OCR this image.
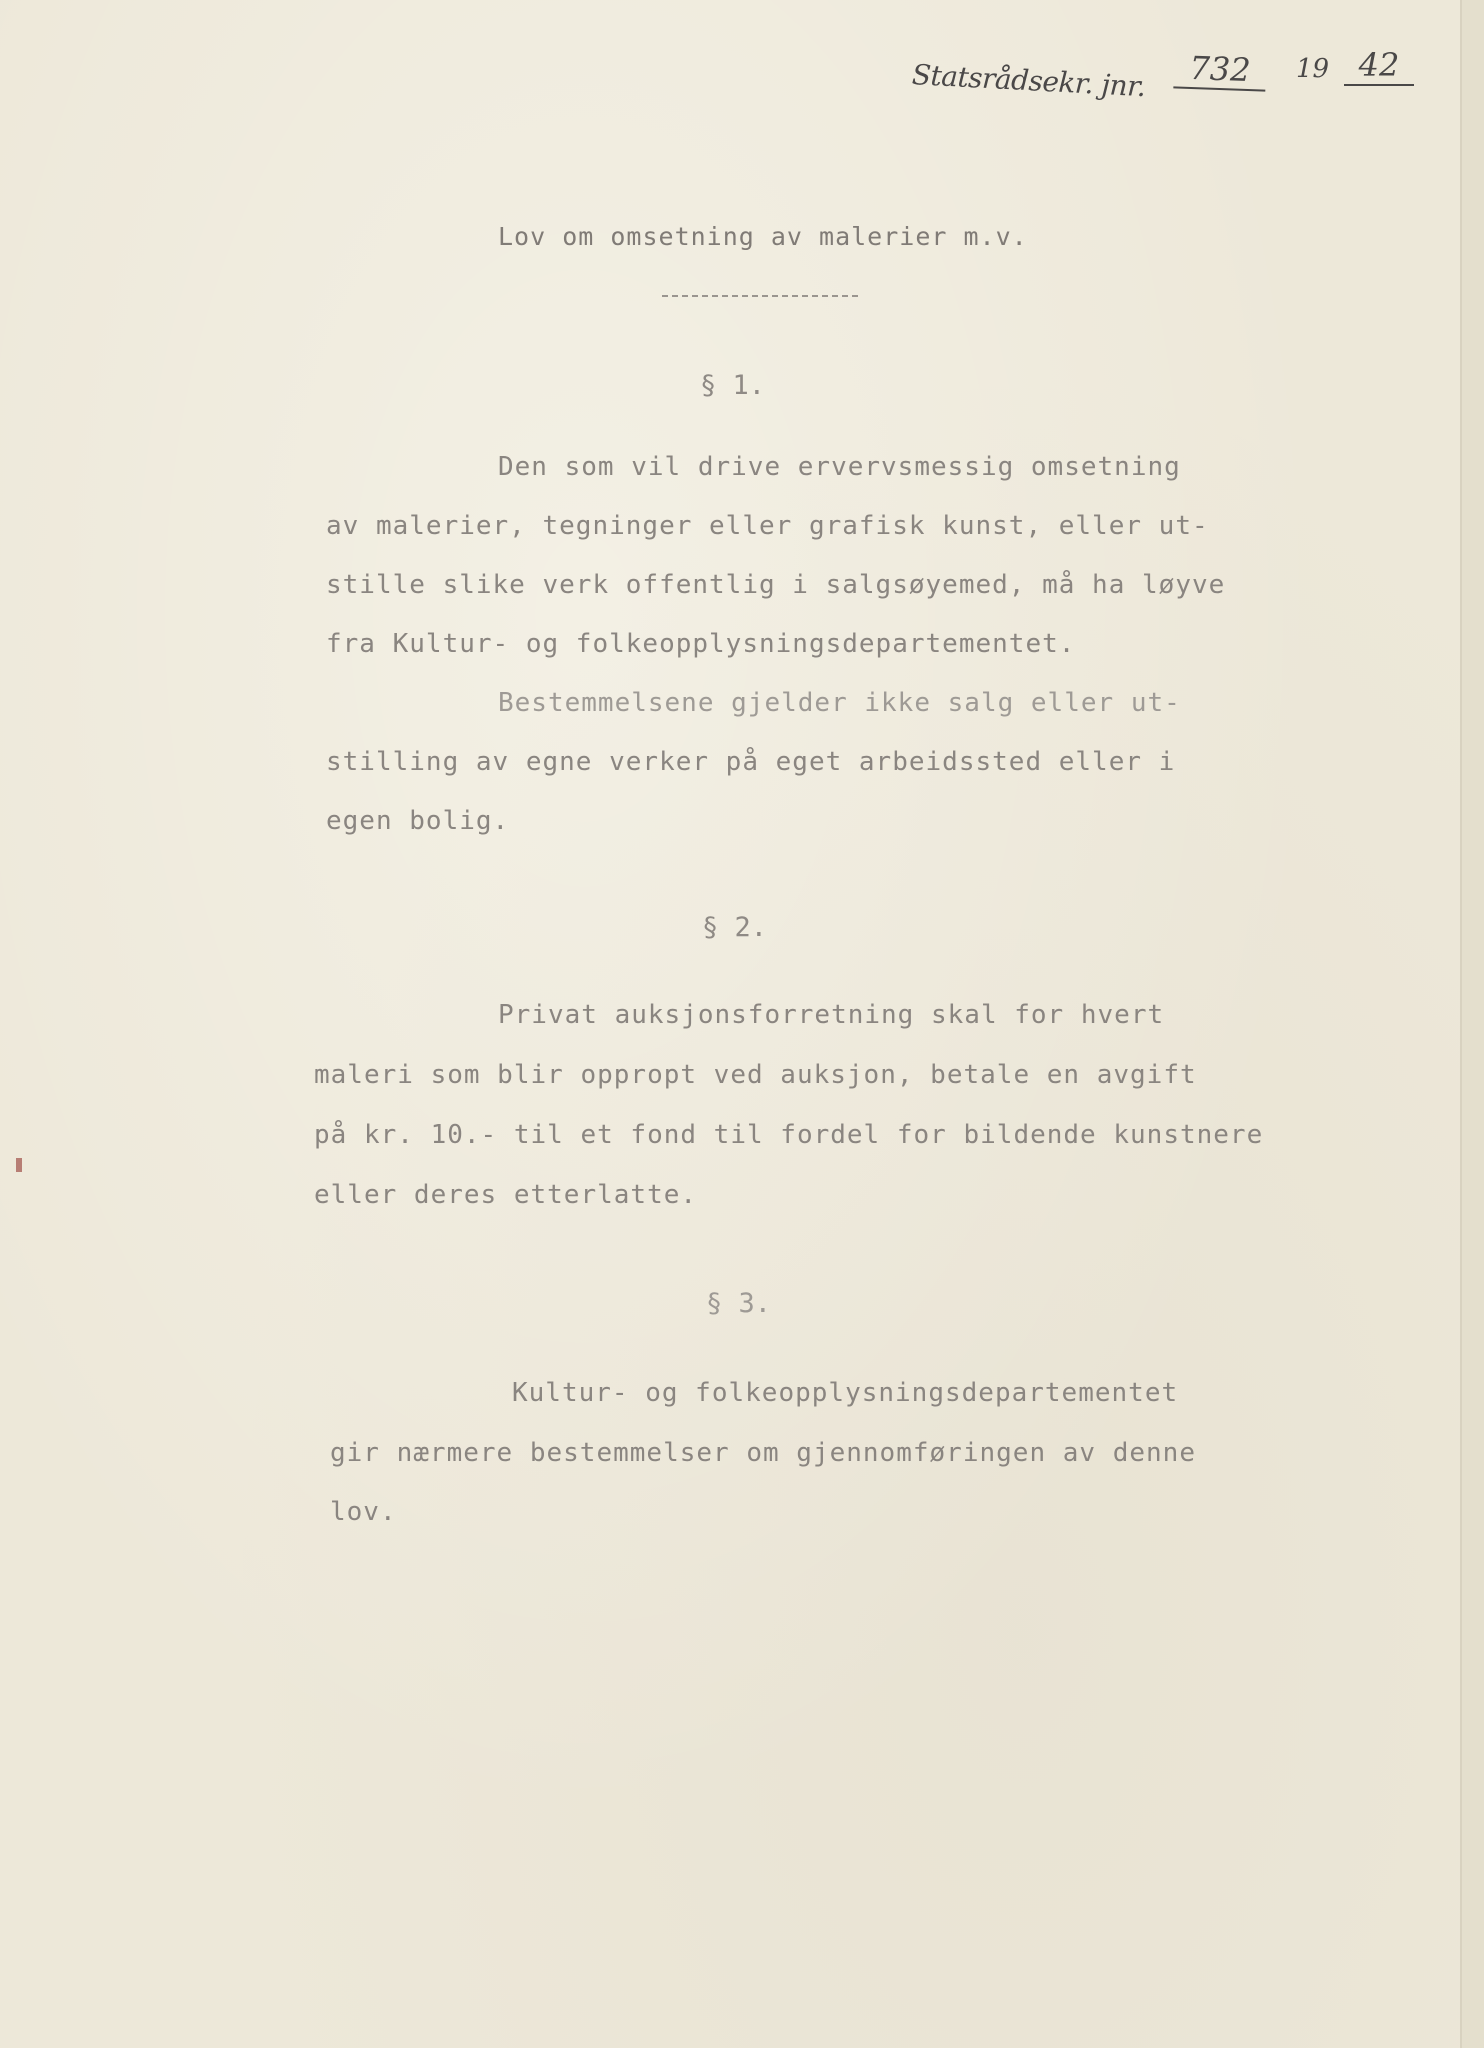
Statsrådsekr. jnr.	732	19 42
Lov om omsetning av malerier m.v.
§ 1.
Den som vil drive ervervsmessig omsetning
av malerier, tegninger eller grafisk kunst, eller ut-
stille slike verk offentlig i salgsøyemed, må ha løyve
fra Kultur- og folkeopplysningsdepartementet.
Bestemmelsene gjelder ikke salg eller ut-
stilling av egne verker på eget arbeidssted eller i
egen bolig.
§ 2.
Privat auksjonsforretning skal for hvert
maleri som blir oppropt ved auksjon, betale en avgift
på kr. 10.- til et fond til fordel for bildende kunstnere
eller deres etterlatte.
§ 3.
Kultur- og folkeopplysningsdepartementet
gir nærmere bestemmelser om gjennomføringen av denne
lov.
